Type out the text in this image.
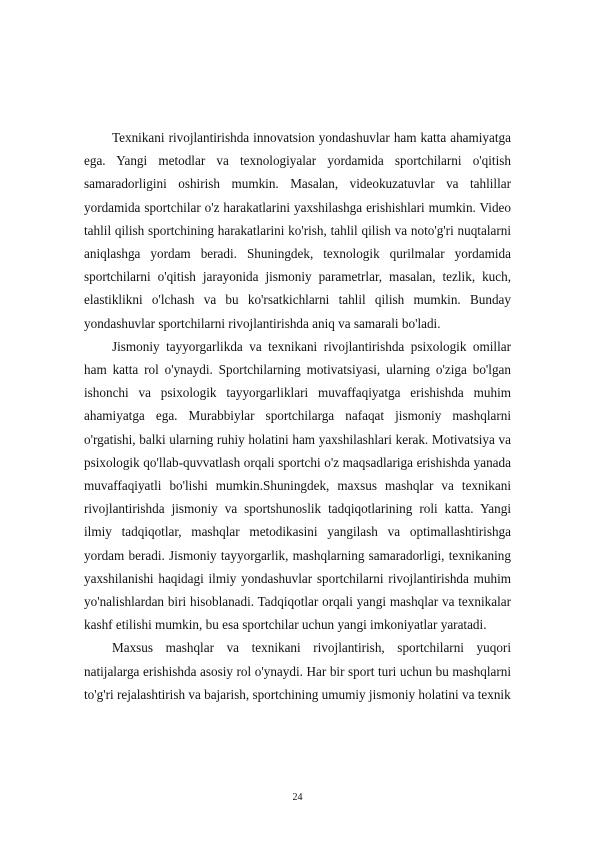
Texnikani rivojlantirishda innovatsion yondashuvlar ham katta ahamiyatga ega. Yangi metodlar va texnologiyalar yordamida sportchilarni o'qitish samaradorligini oshirish mumkin. Masalan, videokuzatuvlar va tahlillar yordamida sportchilar o'z harakatlarini yaxshilashga erishishlari mumkin. Video tahlil qilish sportchining harakatlarini ko'rish, tahlil qilish va noto'g'ri nuqtalarni aniqlashga yordam beradi. Shuningdek, texnologik qurilmalar yordamida sportchilarni o'qitish jarayonida jismoniy parametrlar, masalan, tezlik, kuch, elastiklikni o'lchash va bu ko'rsatkichlarni tahlil qilish mumkin. Bunday yondashuvlar sportchilarni rivojlantirishda aniq va samarali bo'ladi.

Jismoniy tayyorgarlikda va texnikani rivojlantirishda psixologik omillar ham katta rol o'ynaydi. Sportchilarning motivatsiyasi, ularning o'ziga bo'lgan ishonchi va psixologik tayyorgarliklari muvaffaqiyatga erishishda muhim ahamiyatga ega. Murabbiylar sportchilarga nafaqat jismoniy mashqlarni o'rgatishi, balki ularning ruhiy holatini ham yaxshilashlari kerak. Motivatsiya va psixologik qo'llab-quvvatlash orqali sportchi o'z maqsadlariga erishishda yanada muvaffaqiyatli bo'lishi mumkin.Shuningdek, maxsus mashqlar va texnikani rivojlantirishda jismoniy va sportshunoslik tadqiqotlarining roli katta. Yangi ilmiy tadqiqotlar, mashqlar metodikasini yangilash va optimallashtirishga yordam beradi. Jismoniy tayyorgarlik, mashqlarning samaradorligi, texnikaning yaxshilanishi haqidagi ilmiy yondashuvlar sportchilarni rivojlantirishda muhim yo'nalishlardan biri hisoblanadi. Tadqiqotlar orqali yangi mashqlar va texnikalar kashf etilishi mumkin, bu esa sportchilar uchun yangi imkoniyatlar yaratadi.

Maxsus mashqlar va texnikani rivojlantirish, sportchilarni yuqori natijalarga erishishda asosiy rol o'ynaydi. Har bir sport turi uchun bu mashqlarni to'g'ri rejalashtirish va bajarish, sportchining umumiy jismoniy holatini va texnik

24
